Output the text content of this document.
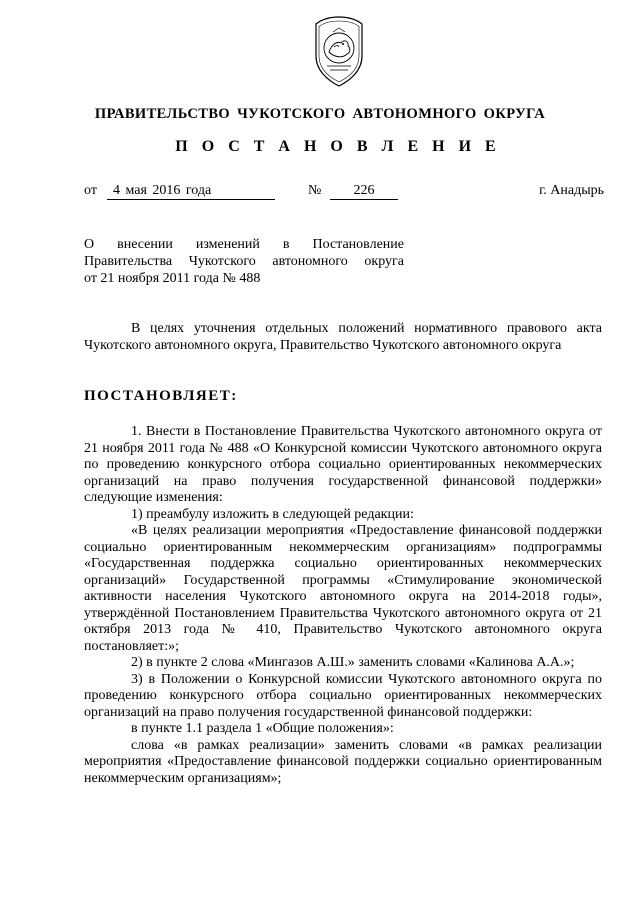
ПРАВИТЕЛЬСТВО ЧУКОТСКОГО АВТОНОМНОГО ОКРУГА
П О С Т А Н О В Л Е Н И Е
от	4 мая 2016 года	№	226	г. Анадырь
О внесении изменений в Постановление
Правительства Чукотского автономного округа
от 21 ноября 2011 года № 488

В целях уточнения отдельных положений нормативного правового акта Чукотского автономного округа, Правительство Чукотского автономного округа

ПОСТАНОВЛЯЕТ:

1. Внести в Постановление Правительства Чукотского автономного округа от 21 ноября 2011 года № 488 «О Конкурсной комиссии Чукотского автономного округа по проведению конкурсного отбора социально ориентированных некоммерческих организаций на право получения государственной финансовой поддержки» следующие изменения:

1) преамбулу изложить в следующей редакции:

«В целях реализации мероприятия «Предоставление финансовой поддержки социально ориентированным некоммерческим организациям» подпрограммы «Государственная поддержка социально ориентированных некоммерческих организаций» Государственной программы «Стимулирование экономической активности населения Чукотского автономного округа на 2014-2018 годы», утверждённой Постановлением Правительства Чукотского автономного округа от 21 октября 2013 года № 410, Правительство Чукотского автономного округа постановляет:»;

2) в пункте 2 слова «Мингазов А.Ш.» заменить словами «Калинова А.А.»;

3) в Положении о Конкурсной комиссии Чукотского автономного округа по проведению конкурсного отбора социально ориентированных некоммерческих организаций на право получения государственной финансовой поддержки:

в пункте 1.1 раздела 1 «Общие положения»:

слова «в рамках реализации» заменить словами «в рамках реализации мероприятия «Предоставление финансовой поддержки социально ориентированным некоммерческим организациям»;
